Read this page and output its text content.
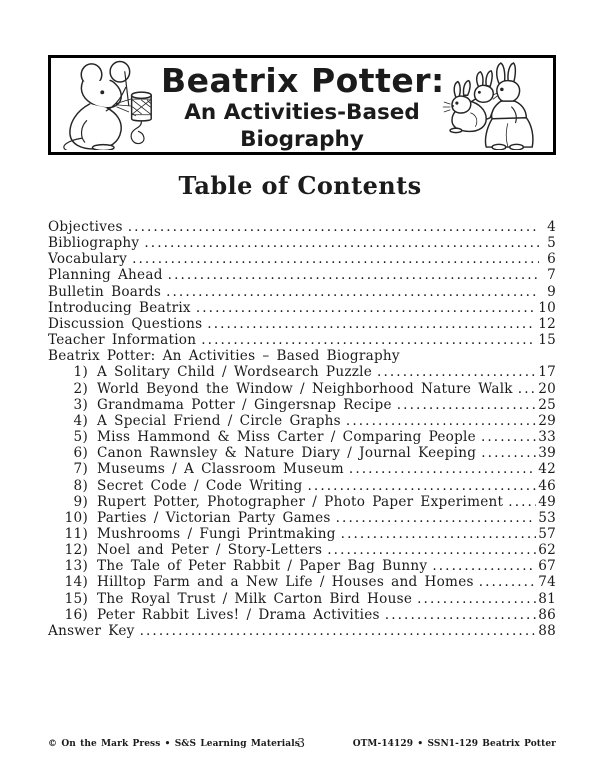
Beatrix Potter:
An Activities-Based
Biography
Table of Contents
Objectives .....	4
Bibliography .....	5
Vocabulary .....	6
Planning Ahead .....	7
Bulletin Boards .....	9
Introducing Beatrix .....	10
Discussion Questions .....	12
Teacher Information .....	15
Beatrix Potter: An Activities – Based Biography
1) A Solitary Child / Wordsearch Puzzle .....	17
2) World Beyond the Window / Neighborhood Nature Walk ..... 20
3) Grandmama Potter / Gingersnap Recipe .....	25
4) A Special Friend / Circle Graphs .....	29
5) Miss Hammond & Miss Carter / Comparing People .....	33
6) Canon Rawnsley & Nature Diary / Journal Keeping .....	39
7) Museums / A Classroom Museum .....	42
8) Secret Code / Code Writing .....	46
9) Rupert Potter, Photographer / Photo Paper Experiment .....	49
10) Parties / Victorian Party Games .....	53
11) Mushrooms / Fungi Printmaking .....	57
12) Noel and Peter / Story-Letters .....	62
13) The Tale of Peter Rabbit / Paper Bag Bunny .....	67
14) Hilltop Farm and a New Life / Houses and Homes .....	74
15) The Royal Trust / Milk Carton Bird House .....	81
16) Peter Rabbit Lives! / Drama Activities .....	86
Answer Key .....	88
© On the Mark Press • S&S Learning Materials
3	OTM-14129 • SSN1-129 Beatrix Potter
